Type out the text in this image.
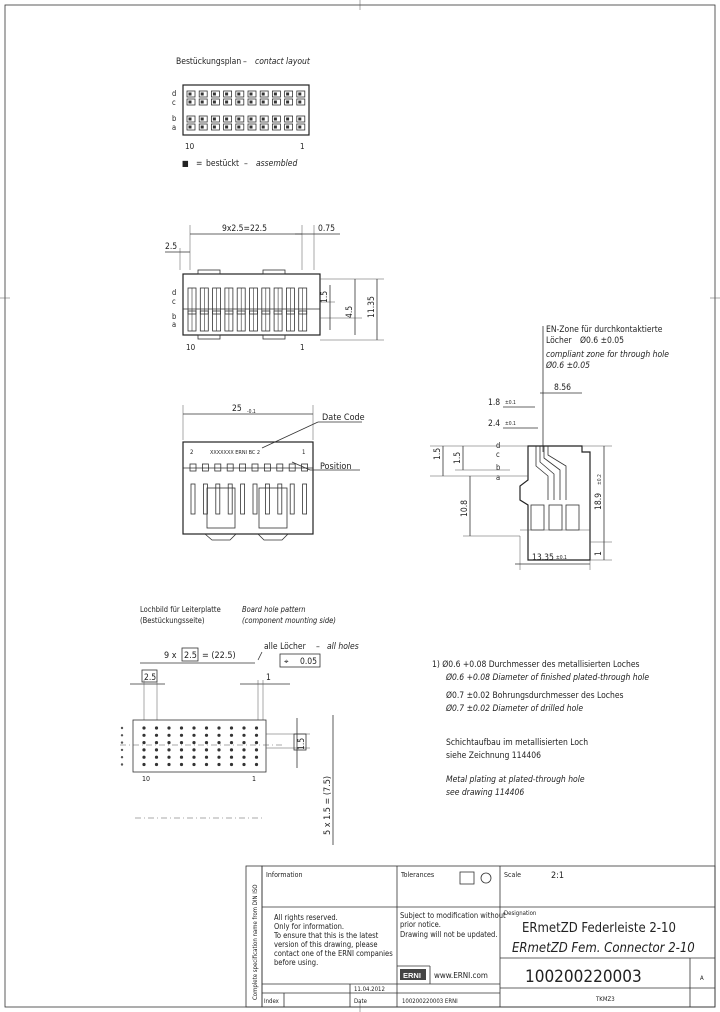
Bestückungsplan – contact layout
d
c
b
a
10	1
■ = bestückt – assembled
9x2.5=22.5
2.5
0.75
d
c
b
a
10	1
1.5
4.5 11.35
25 -0.1
2	XXXXXXX ERNI BC 2	1
Date Code
Position
EN-Zone für durchkontaktierte
Löcher Ø0.6 ±0.05
compliant zone for through hole
Ø0.6 ±0.05
8.56
1.8 ±0.1
2.4 ±0.1
d
c
b
a
1.5 1.5
10.8	18.9
±0.2
1
13.35 ±0.1
Lochbild für Leiterplatte
(Bestückungsseite)
Board hole pattern
(component mounting side)
9 x 2.5 = (22.5)
alle Löcher – all holes
⌖ 0.05
2.5	1
10	1
1.5
5 x 1.5 = (7.5)
1) Ø0.6 +0.08 Durchmesser des metallisierten Loches
Ø0.6 +0.08 Diameter of finished plated-through hole
Ø0.7 ±0.02 Bohrungsdurchmesser des Loches
Ø0.7 ±0.02 Diameter of drilled hole
Schichtaufbau im metallisierten Loch
siehe Zeichnung 114406
Metal plating at plated-through hole
see drawing 114406
Complete specification name from DIN ISO
Information	Tolerances	Scale	2:1
All rights reserved.
Only for information.
To ensure that this is the latest
version of this drawing, please
contact one of the ERNI companies
before using.
Subject to modification without
prior notice.
Drawing will not be updated.
ERNI www.ERNI.com
Designation
ERmetZD Federleiste 2-10
ERmetZD Fem. Connector 2-10
100200220003	A
Index
11.04.2012
Date	100200220003 ERNI	TKMZ3
